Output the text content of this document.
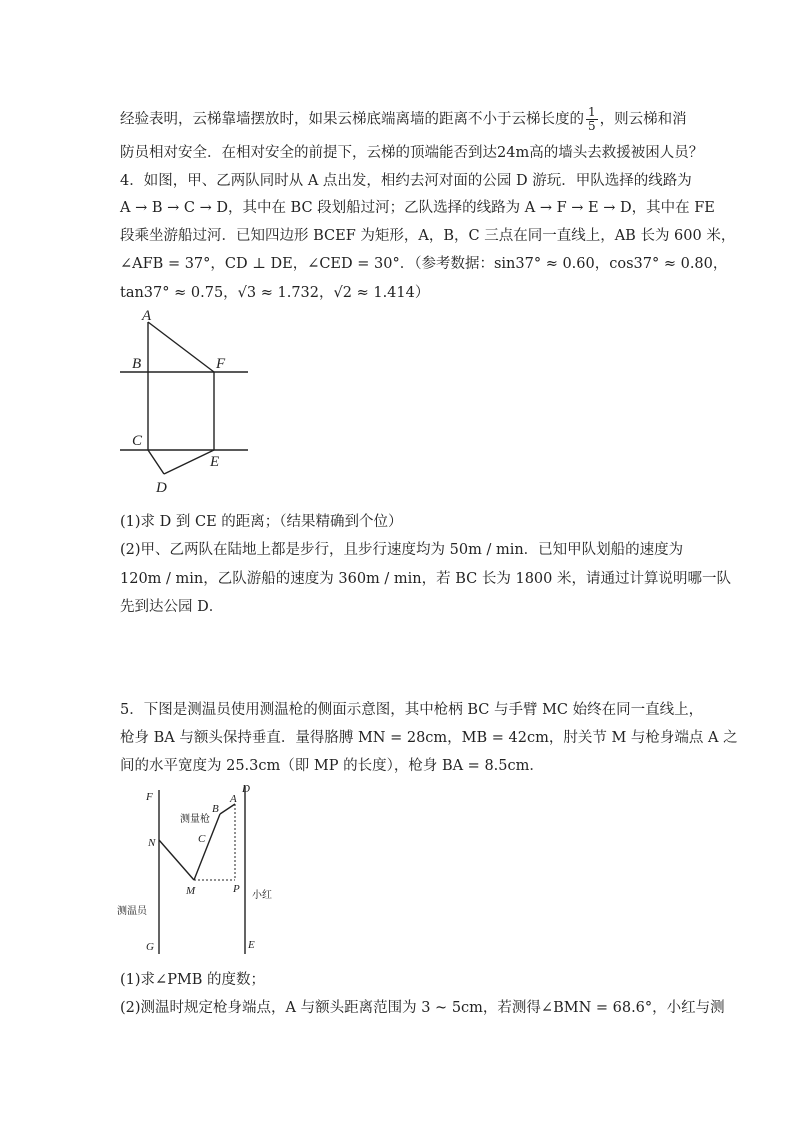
经验表明，云梯靠墙摆放时，如果云梯底端离墙的距离不小于云梯长度的 $\frac{1}{5}$ ，则云梯和消
防员相对安全．在相对安全的前提下，云梯的顶端能否到达24m高的墙头去救援被困人员？
4．如图，甲、乙两队同时从 A 点出发，相约去河对面的公园 D 游玩．甲队选择的线路为
A → B → C → D，其中在 BC 段划船过河；乙队选择的线路为 A → F → E → D，其中在 FE
段乘坐游船过河．已知四边形 BCEF 为矩形，A，B，C 三点在同一直线上，AB 长为 600 米，
∠AFB = 37°，CD ⊥ DE，∠CED = 30°．（参考数据：sin37° ≈ 0.60，cos37° ≈ 0.80，
tan37° ≈ 0.75，√3 ≈ 1.732，√2 ≈ 1.414）
A
B	F
C
E
D
(1)求 D 到 CE 的距离；（结果精确到个位）
(2)甲、乙两队在陆地上都是步行，且步行速度均为 50m / min．已知甲队划船的速度为
120m / min，乙队游船的速度为 360m / min，若 BC 长为 1800 米，请通过计算说明哪一队
先到达公园 D．
5．下图是测温员使用测温枪的侧面示意图，其中枪柄 BC 与手臂 MC 始终在同一直线上，
枪身 BA 与额头保持垂直．量得胳膊 MN = 28cm，MB = 42cm，肘关节 M 与枪身端点 A 之
间的水平宽度为 25.3cm（即 MP 的长度），枪身 BA = 8.5cm．
F
G
N
M
B
A
C
P
D
E
测量枪
测温员
小红
(1)求∠PMB 的度数；
(2)测温时规定枪身端点，A 与额头距离范围为 3 ~ 5cm，若测得∠BMN = 68.6°，小红与测
